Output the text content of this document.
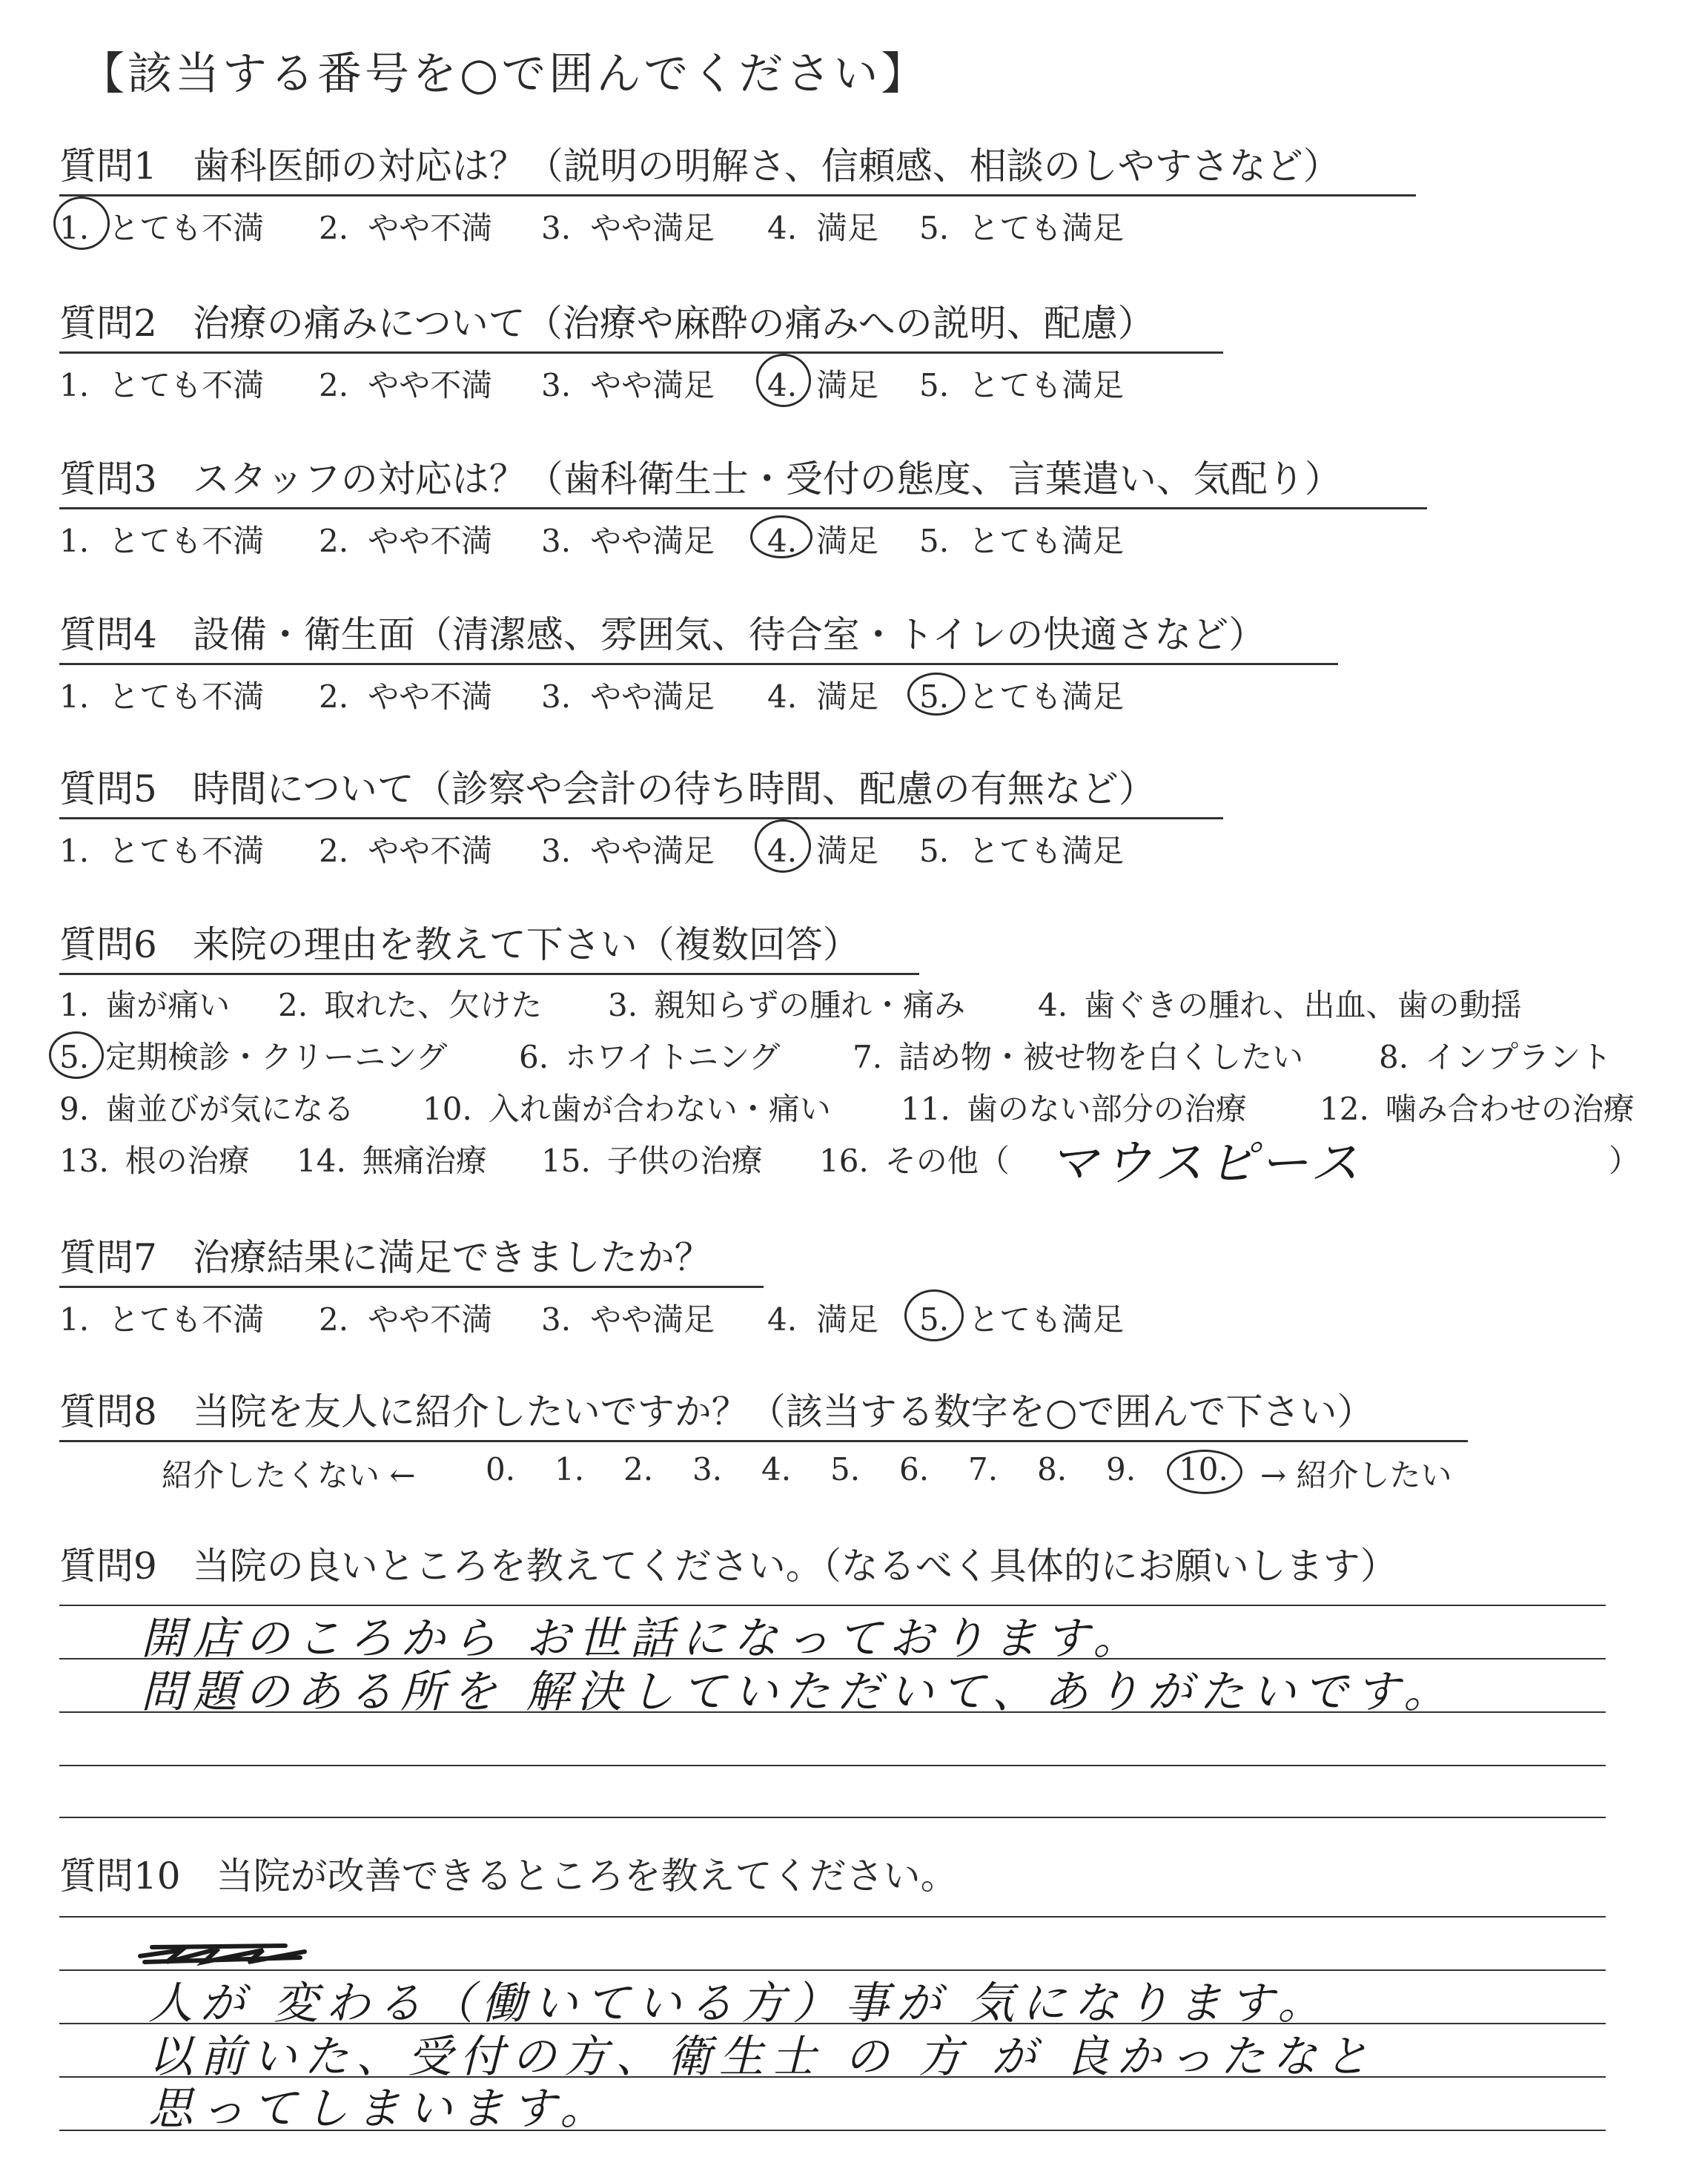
【該当する番号を○で囲んでください】
質問1 歯科医師の対応は？（説明の明解さ、信頼感、相談のしやすさなど）
1. とても不満 2. やや不満 3. やや満足 4. 満足 5. とても満足
質問2 治療の痛みについて（治療や麻酔の痛みへの説明、配慮）
1. とても不満 2. やや不満 3. やや満足 4. 満足 5. とても満足
質問3 スタッフの対応は？（歯科衛生士・受付の態度、言葉遣い、気配り）
1. とても不満 2. やや不満 3. やや満足 4. 満足 5. とても満足
質問4 設備・衛生面（清潔感、雰囲気、待合室・トイレの快適さなど）
1. とても不満 2. やや不満 3. やや満足 4. 満足 5. とても満足
質問5 時間について（診察や会計の待ち時間、配慮の有無など）
1. とても不満 2. やや不満 3. やや満足 4. 満足 5. とても満足
質問6 来院の理由を教えて下さい（複数回答）
1. 歯が痛い 2. 取れた、欠けた 3. 親知らずの腫れ・痛み 4. 歯ぐきの腫れ、出血、歯の動揺
5. 定期検診・クリーニング 6. ホワイトニング 7. 詰め物・被せ物を白くしたい 8. インプラント
9. 歯並びが気になる 10. 入れ歯が合わない・痛い 11. 歯のない部分の治療 12. 噛み合わせの治療
13. 根の治療 14. 無痛治療 15. 子供の治療 16. その他（ マウスピース	）
質問7 治療結果に満足できましたか？
1. とても不満 2. やや不満 3. やや満足 4. 満足 5. とても満足
質問8 当院を友人に紹介したいですか？（該当する数字を○で囲んで下さい）
紹介したくない ← 0. 1. 2. 3. 4. 5. 6. 7. 8. 9. 10. → 紹介したい
質問9 当院の良いところを教えてください。（なるべく具体的にお願いします）
開店のころから お世話になっております。
問題のある所を 解決していただいて、ありがたいです。
質問10 当院が改善できるところを教えてください。
人が 変わる（働いている方）事が 気になります。
以前いた、受付の方、衛生士 の 方 が 良かったなと
思ってしまいます。
